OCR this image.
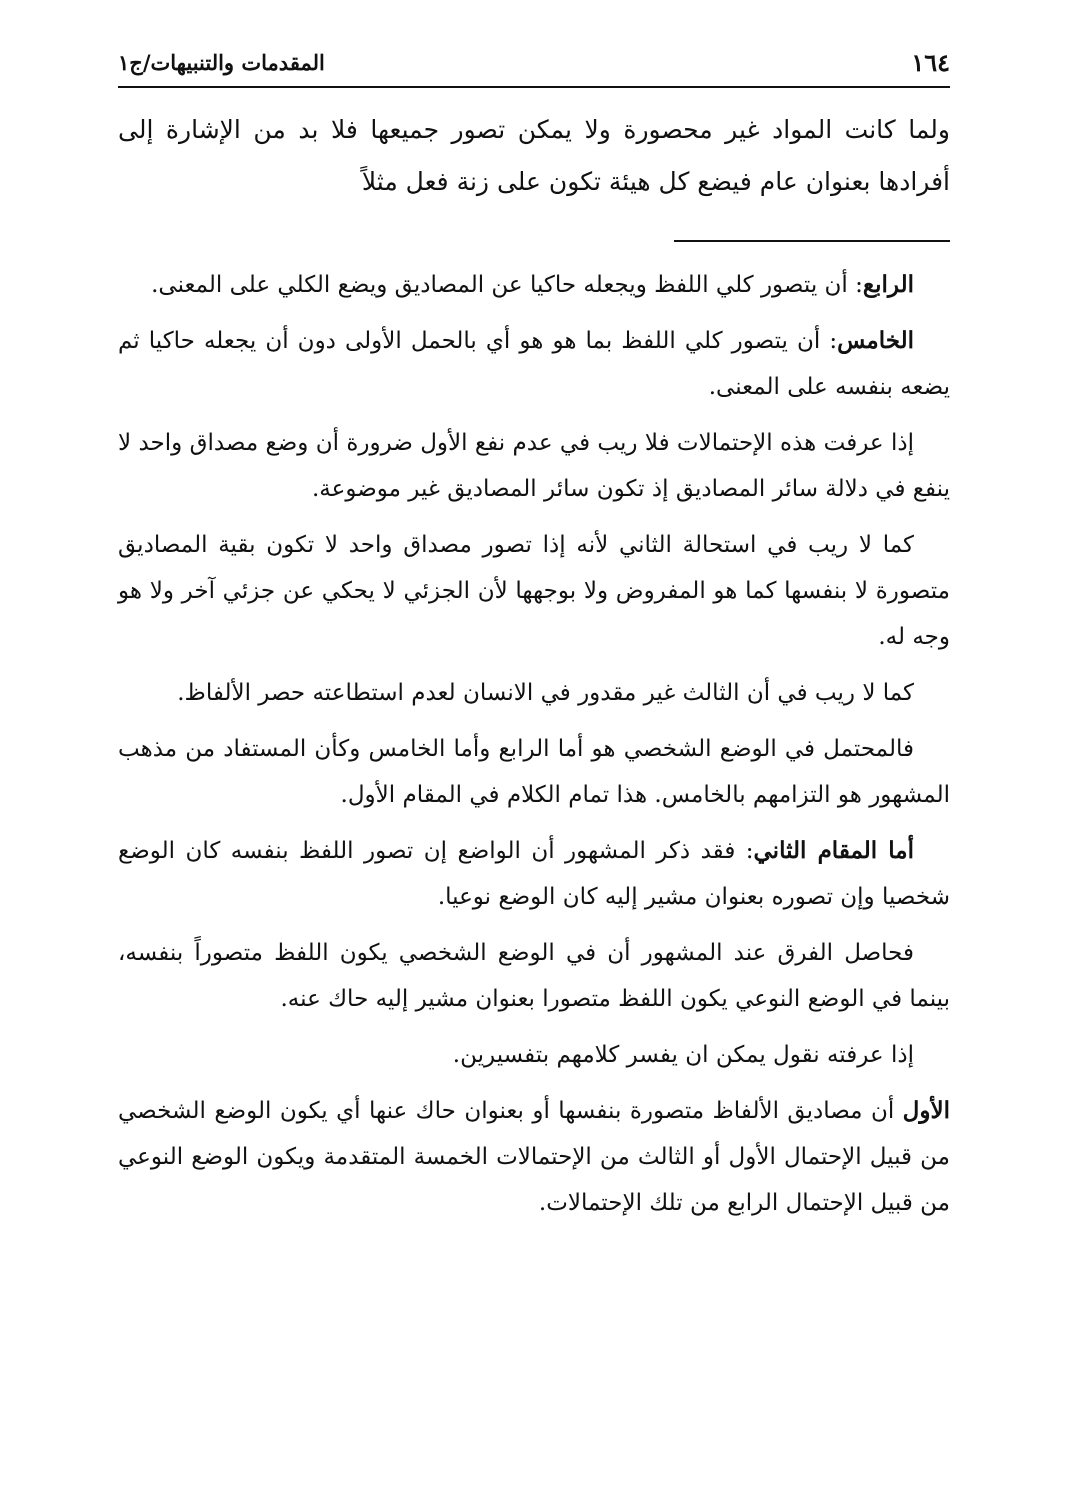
١٦٤
المقدمات والتنبيهات/ج١

ولما كانت المواد غير محصورة ولا يمكن تصور جميعها فلا بد من الإشارة إلى أفرادها بعنوان عام فيضع كل هيئة تكون على زنة فعل مثلاً

الرابع: أن يتصور كلي اللفظ ويجعله حاكيا عن المصاديق ويضع الكلي على المعنى.

الخامس: أن يتصور كلي اللفظ بما هو هو أي بالحمل الأولى دون أن يجعله حاكيا ثم يضعه بنفسه على المعنى.

إذا عرفت هذه الإحتمالات فلا ريب في عدم نفع الأول ضرورة أن وضع مصداق واحد لا ينفع في دلالة سائر المصاديق إذ تكون سائر المصاديق غير موضوعة.

كما لا ريب في استحالة الثاني لأنه إذا تصور مصداق واحد لا تكون بقية المصاديق متصورة لا بنفسها كما هو المفروض ولا بوجهها لأن الجزئي لا يحكي عن جزئي آخر ولا هو وجه له.

كما لا ريب في أن الثالث غير مقدور في الانسان لعدم استطاعته حصر الألفاظ.

فالمحتمل في الوضع الشخصي هو أما الرابع وأما الخامس وكأن المستفاد من مذهب المشهور هو التزامهم بالخامس. هذا تمام الكلام في المقام الأول.

أما المقام الثاني: فقد ذكر المشهور أن الواضع إن تصور اللفظ بنفسه كان الوضع شخصيا وإن تصوره بعنوان مشير إليه كان الوضع نوعيا.

فحاصل الفرق عند المشهور أن في الوضع الشخصي يكون اللفظ متصوراً بنفسه، بينما في الوضع النوعي يكون اللفظ متصورا بعنوان مشير إليه حاك عنه.

إذا عرفته نقول يمكن ان يفسر كلامهم بتفسيرين.

الأول أن مصاديق الألفاظ متصورة بنفسها أو بعنوان حاك عنها أي يكون الوضع الشخصي من قبيل الإحتمال الأول أو الثالث من الإحتمالات الخمسة المتقدمة ويكون الوضع النوعي من قبيل الإحتمال الرابع من تلك الإحتمالات.
